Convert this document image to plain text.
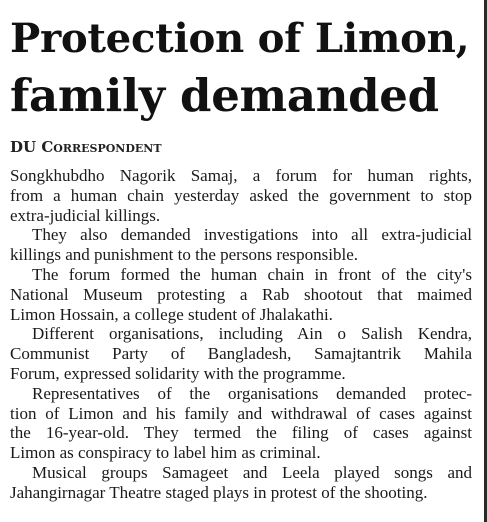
Protection of Limon,
family demanded
DU Correspondent

Songkhubdho Nagorik Samaj, a forum for human rights,
from a human chain yesterday asked the government to stop
extra-judicial killings.

They also demanded investigations into all extra-judicial
killings and punishment to the persons responsible.

The forum formed the human chain in front of the city's
National Museum protesting a Rab shootout that maimed
Limon Hossain, a college student of Jhalakathi.

Different organisations, including Ain o Salish Kendra,
Communist Party of Bangladesh, Samajtantrik Mahila
Forum, expressed solidarity with the programme.

Representatives of the organisations demanded protec-
tion of Limon and his family and withdrawal of cases against
the 16-year-old. They termed the filing of cases against
Limon as conspiracy to label him as criminal.

Musical groups Samageet and Leela played songs and
Jahangirnagar Theatre staged plays in protest of the shooting.
